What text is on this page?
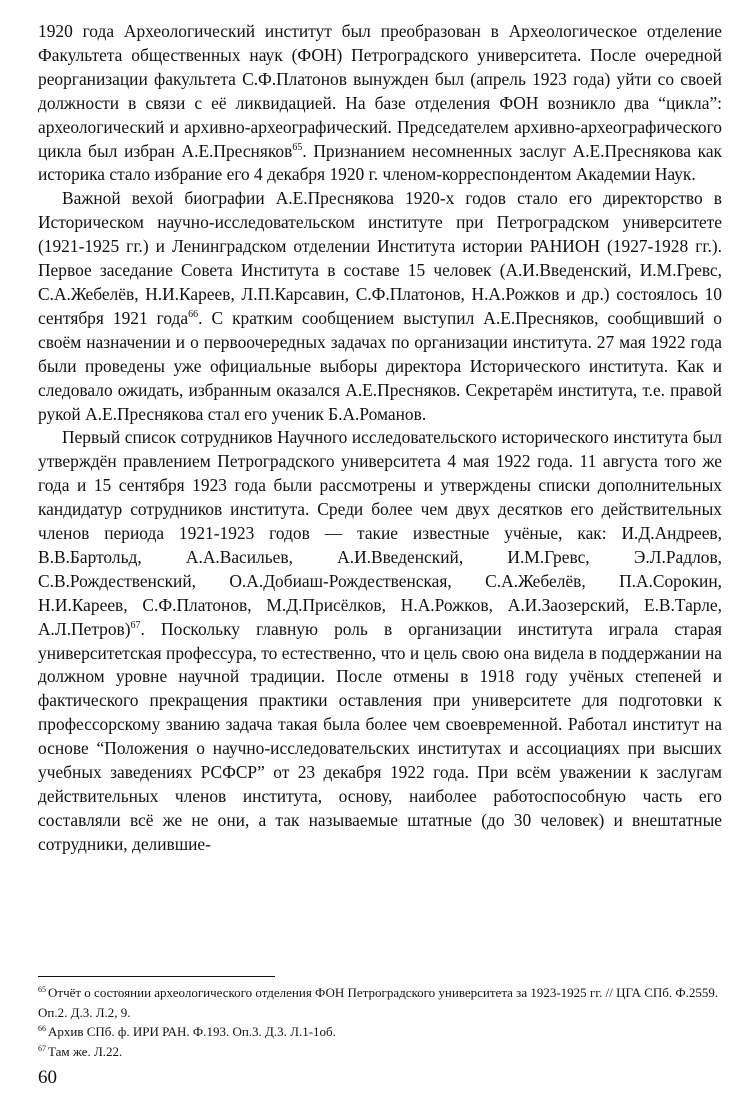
1920 года Археологический институт был преобразован в Археологическое отделение Факультета общественных наук (ФОН) Петроградского университета. После очередной реорганизации факультета С.Ф.Платонов вынужден был (апрель 1923 года) уйти со своей должности в связи с её ликвидацией. На базе отделения ФОН возникло два “цикла”: археологический и архивно-археографический. Председателем архивно-археографического цикла был избран А.Е.Пресняков$^{65}$. Признанием несомненных заслуг А.Е.Преснякова как историка стало избрание его 4 декабря 1920 г. членом-корреспондентом Академии Наук.

Важной вехой биографии А.Е.Преснякова 1920-х годов стало его директорство в Историческом научно-исследовательском институте при Петроградском университете (1921-1925 гг.) и Ленинградском отделении Института истории РАНИОН (1927-1928 гг.). Первое заседание Совета Института в составе 15 человек (А.И.Введенский, И.М.Гревс, С.А.Жебелёв, Н.И.Кареев, Л.П.Карсавин, С.Ф.Платонов, Н.А.Рожков и др.) состоялось 10 сентября 1921 года$^{66}$. С кратким сообщением выступил А.Е.Пресняков, сообщивший о своём назначении и о первоочередных задачах по организации института. 27 мая 1922 года были проведены уже официальные выборы директора Исторического института. Как и следовало ожидать, избранным оказался А.Е.Пресняков. Секретарём института, т.е. правой рукой А.Е.Преснякова стал его ученик Б.А.Романов.

Первый список сотрудников Научного исследовательского исторического института был утверждён правлением Петроградского университета 4 мая 1922 года. 11 августа того же года и 15 сентября 1923 года были рассмотрены и утверждены списки дополнительных кандидатур сотрудников института. Среди более чем двух десятков его действительных членов периода 1921-1923 годов — такие известные учёные, как: И.Д.Андреев, В.В.Бартольд, А.А.Васильев, А.И.Введенский, И.М.Гревс, Э.Л.Радлов, С.В.Рождественский, О.А.Добиаш-Рождественская, С.А.Жебелёв, П.А.Сорокин, Н.И.Кареев, С.Ф.Платонов, М.Д.Присёлков, Н.А.Рожков, А.И.Заозерский, Е.В.Тарле, А.Л.Петров)$^{67}$. Поскольку главную роль в организации института играла старая университетская профессура, то естественно, что и цель свою она видела в поддержании на должном уровне научной традиции. После отмены в 1918 году учёных степеней и фактического прекращения практики оставления при университете для подготовки к профессорскому званию задача такая была более чем своевременной. Работал институт на основе “Положения о научно-исследовательских институтах и ассоциациях при высших учебных заведениях РСФСР” от 23 декабря 1922 года. При всём уважении к заслугам действительных членов института, основу, наиболее работоспособную часть его составляли всё же не они, а так называемые штатные (до 30 человек) и внештатные сотрудники, делившие-

$^{65}$ Отчёт о состоянии археологического отделения ФОН Петроградского университета за 1923-1925 гг. // ЦГА СПб. Ф.2559. Оп.2. Д.3. Л.2, 9.

$^{66}$ Архив СПб. ф. ИРИ РАН. Ф.193. Оп.3. Д.3. Л.1-1об.

$^{67}$ Там же. Л.22.

60
